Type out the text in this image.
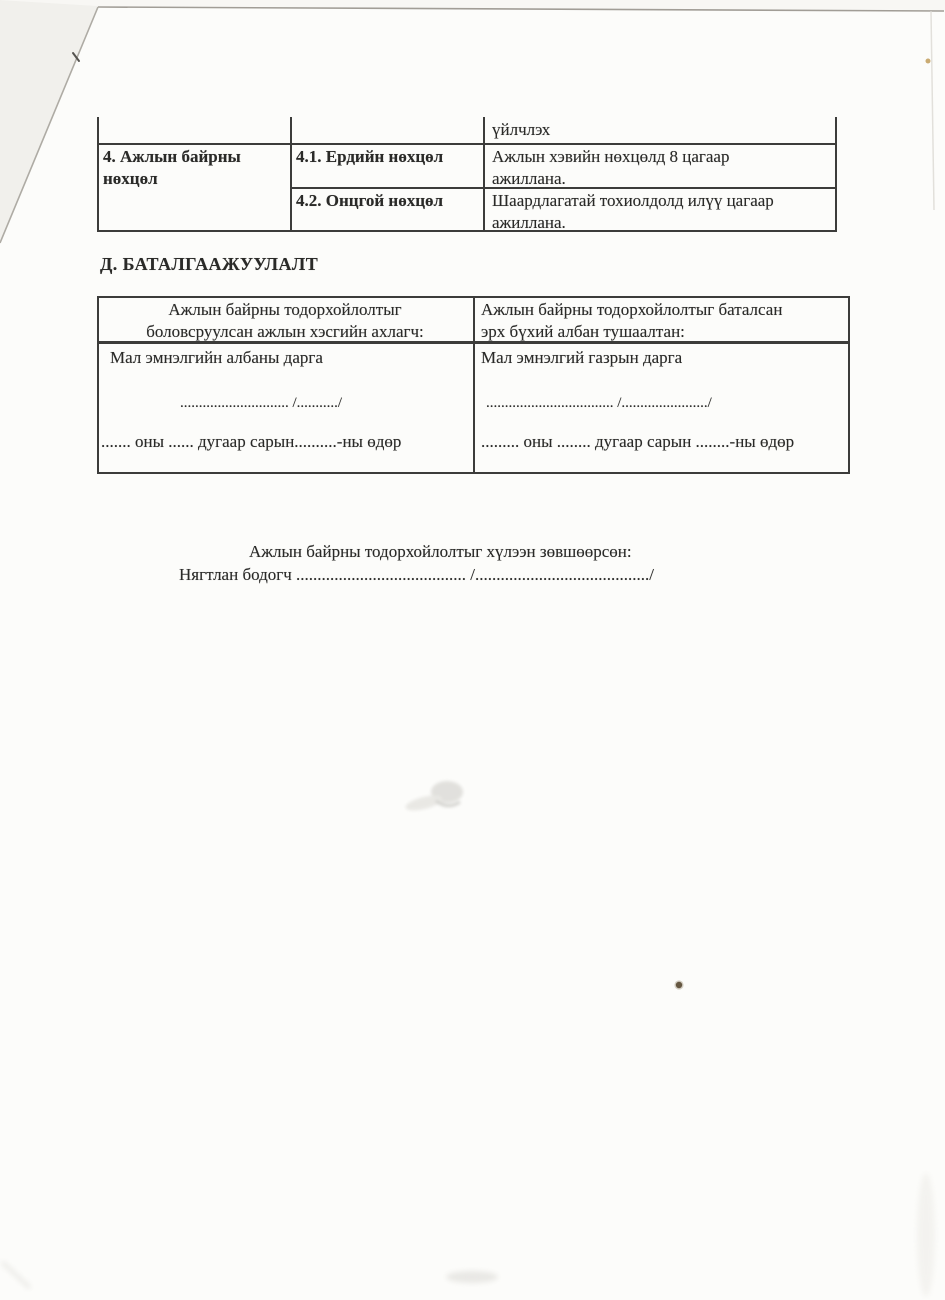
үйлчлэх
4. Ажлын байрны нөхцөл
4.1. Ердийн нөхцөл	Ажлын хэвийн нөхцөлд 8 цагаар ажиллана.
4.2. Онцгой нөхцөл	Шаардлагатай тохиолдолд илүү цагаар ажиллана.
Д. БАТАЛГААЖУУЛАЛТ
Ажлын байрны тодорхойлолтыг
боловсруулсан ажлын хэсгийн ахлагч:
Ажлын байрны тодорхойлолтыг баталсан
эрх бүхий албан тушаалтан:
Мал эмнэлгийн албаны дарга
............................. /.........../
....... оны ...... дугаар сарын..........-ны өдөр
Мал эмнэлгий газрын дарга
.................................. /......................./
......... оны ........ дугаар сарын ........-ны өдөр
Ажлын байрны тодорхойлолтыг хүлээн зөвшөөрсөн:
Нягтлан бодогч ........................................ /........................................./
